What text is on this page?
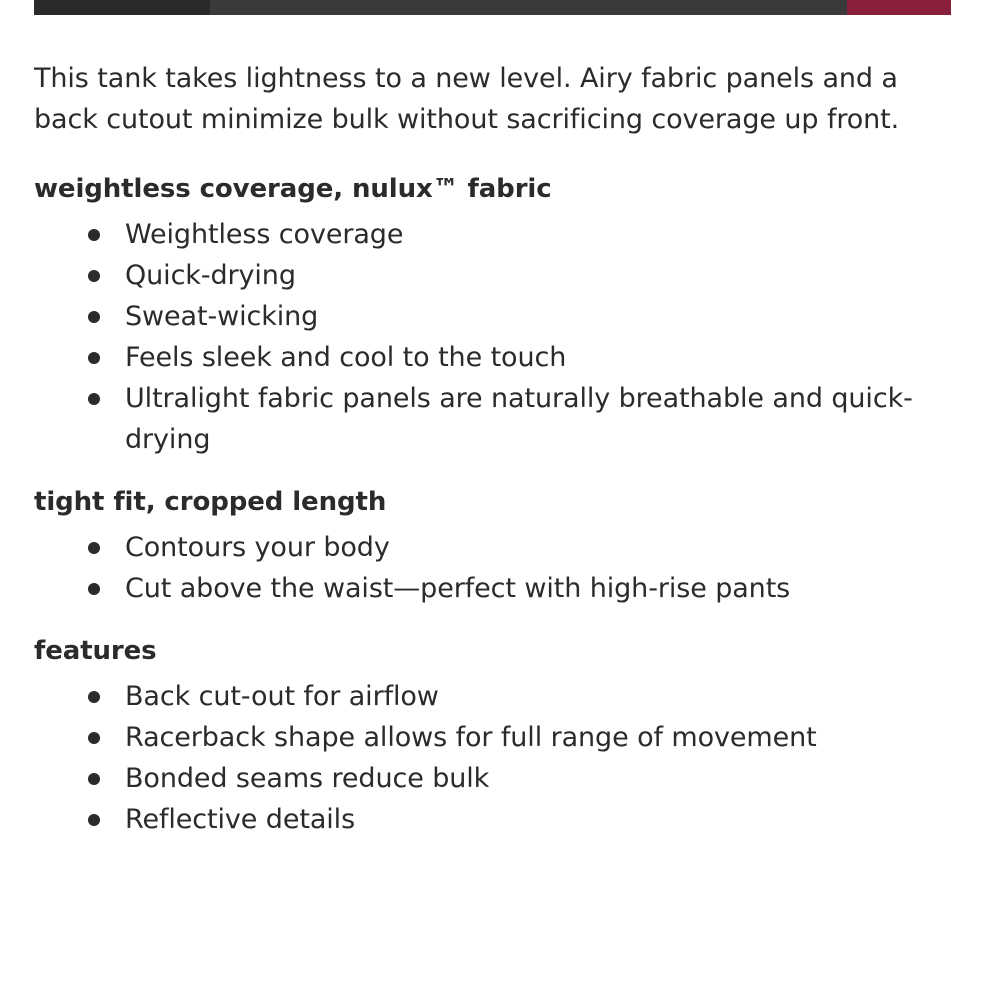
This tank takes lightness to a new level. Airy fabric panels and a back cutout minimize bulk without sacrificing coverage up front.

weightless coverage, nulux™ fabric
Weightless coverage
Quick-drying
Sweat-wicking
Feels sleek and cool to the touch
Ultralight fabric panels are naturally breathable and quick-drying
tight fit, cropped length
Contours your body
Cut above the waist—perfect with high-rise pants
features
Back cut-out for airflow
Racerback shape allows for full range of movement
Bonded seams reduce bulk
Reflective details
